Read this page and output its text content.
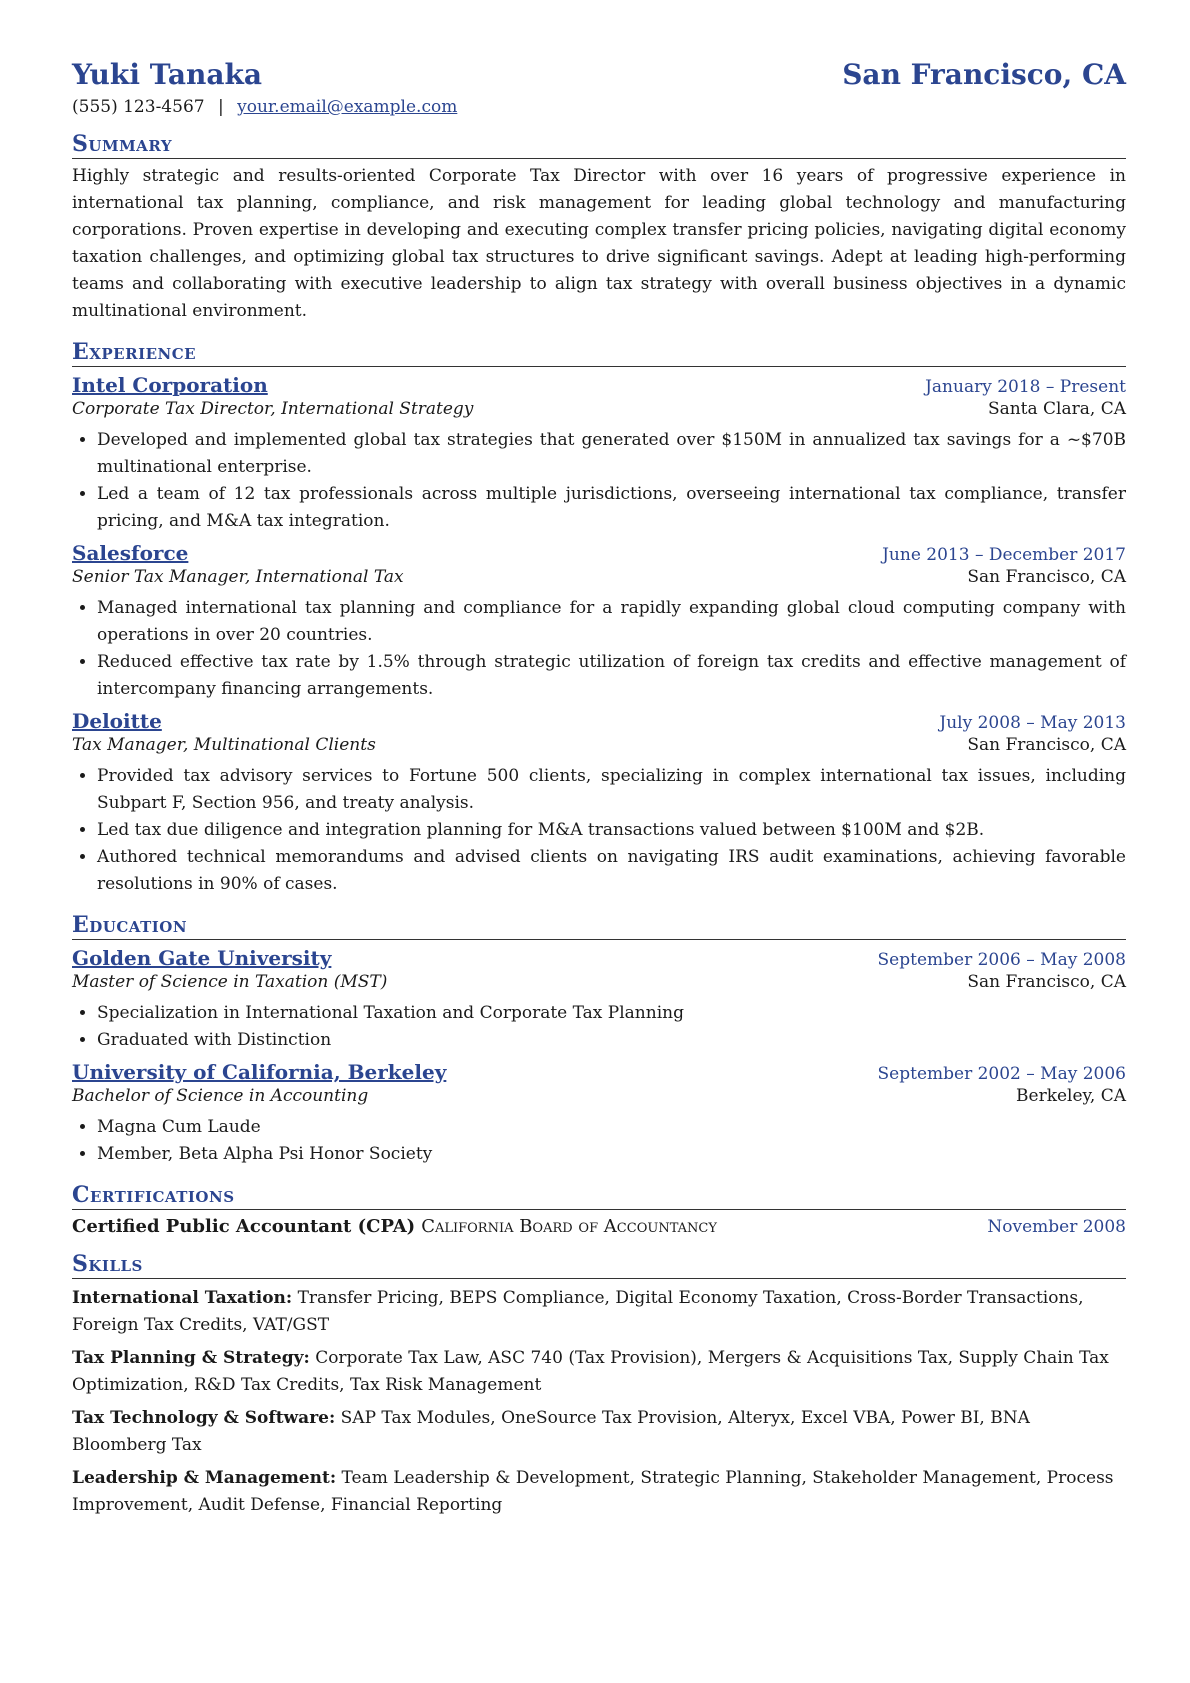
Yuki Tanaka	San Francisco, CA
(555) 123-4567 | your.email@example.com
Summary
Highly strategic and results-oriented Corporate Tax Director with over 16 years of progressive experience in international tax planning, compliance, and risk management for leading global technology and manufacturing corporations. Proven expertise in developing and executing complex transfer pricing policies, navigating digital economy taxation challenges, and optimizing global tax structures to drive significant savings. Adept at leading high-performing teams and collaborating with executive leadership to align tax strategy with overall business objectives in a dynamic multinational environment.
Experience
Intel Corporation	January 2018 – Present
Corporate Tax Director, International Strategy	Santa Clara, CA
• Developed and implemented global tax strategies that generated over $150M in annualized tax savings for a ~$70B multinational enterprise.
• Led a team of 12 tax professionals across multiple jurisdictions, overseeing international tax compliance, transfer pricing, and M&A tax integration.
Salesforce	June 2013 – December 2017
Senior Tax Manager, International Tax	San Francisco, CA
• Managed international tax planning and compliance for a rapidly expanding global cloud computing company with operations in over 20 countries.
• Reduced effective tax rate by 1.5% through strategic utilization of foreign tax credits and effective management of intercompany financing arrangements.
Deloitte	July 2008 – May 2013
Tax Manager, Multinational Clients	San Francisco, CA
• Provided tax advisory services to Fortune 500 clients, specializing in complex international tax issues, including Subpart F, Section 956, and treaty analysis.
• Led tax due diligence and integration planning for M&A transactions valued between $100M and $2B.
• Authored technical memorandums and advised clients on navigating IRS audit examinations, achieving favorable resolutions in 90% of cases.
Education
Golden Gate University	September 2006 – May 2008
Master of Science in Taxation (MST)	San Francisco, CA
• Specialization in International Taxation and Corporate Tax Planning
• Graduated with Distinction
University of California, Berkeley	September 2002 – May 2006
Bachelor of Science in Accounting	Berkeley, CA
• Magna Cum Laude
• Member, Beta Alpha Psi Honor Society
Certifications
Certified Public Accountant (CPA) California Board of Accountancy	November 2008
Skills
International Taxation: Transfer Pricing, BEPS Compliance, Digital Economy Taxation, Cross-Border Transactions, Foreign Tax Credits, VAT/GST
Tax Planning & Strategy: Corporate Tax Law, ASC 740 (Tax Provision), Mergers & Acquisitions Tax, Supply Chain Tax Optimization, R&D Tax Credits, Tax Risk Management
Tax Technology & Software: SAP Tax Modules, OneSource Tax Provision, Alteryx, Excel VBA, Power BI, BNA Bloomberg Tax
Leadership & Management: Team Leadership & Development, Strategic Planning, Stakeholder Management, Process Improvement, Audit Defense, Financial Reporting
